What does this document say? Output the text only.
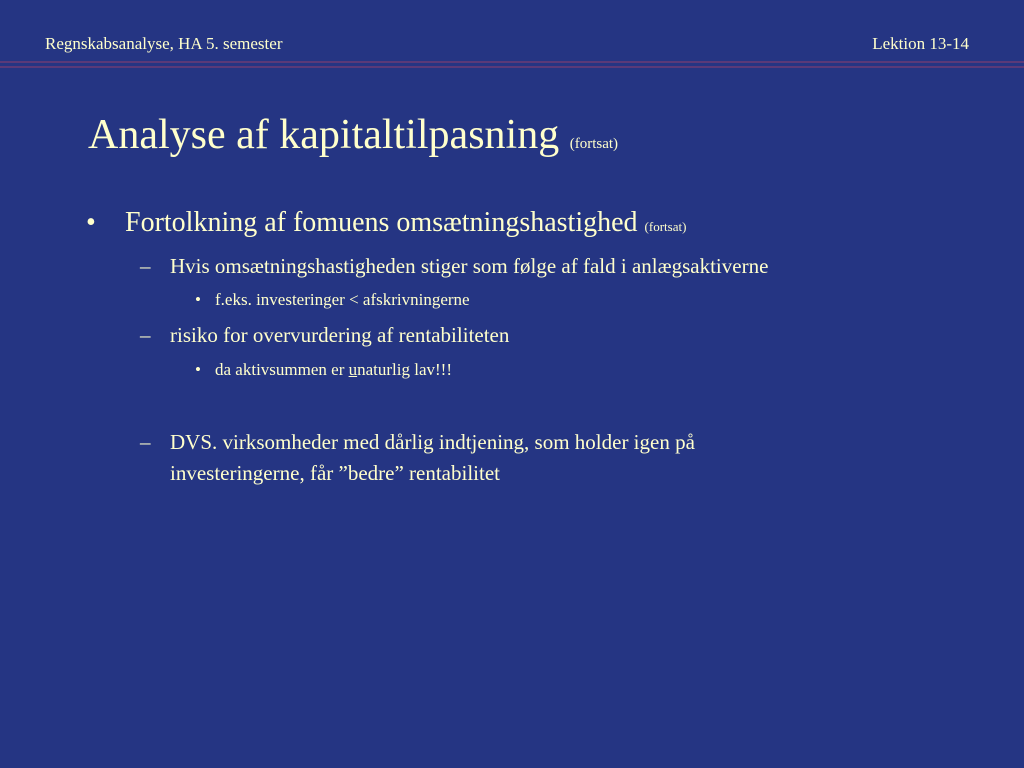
Regnskabsanalyse, HA 5. semester	Lektion 13-14
Analyse af kapitaltilpasning (fortsat)
• Fortolkning af fomuens omsætningshastighed (fortsat)
– Hvis omsætningshastigheden stiger som følge af fald i anlægsaktiverne
• f.eks. investeringer < afskrivningerne
– risiko for overvurdering af rentabiliteten
• da aktivsummen er unaturlig lav!!!
– DVS. virksomheder med dårlig indtjening, som holder igen på
investeringerne, får ”bedre” rentabilitet
